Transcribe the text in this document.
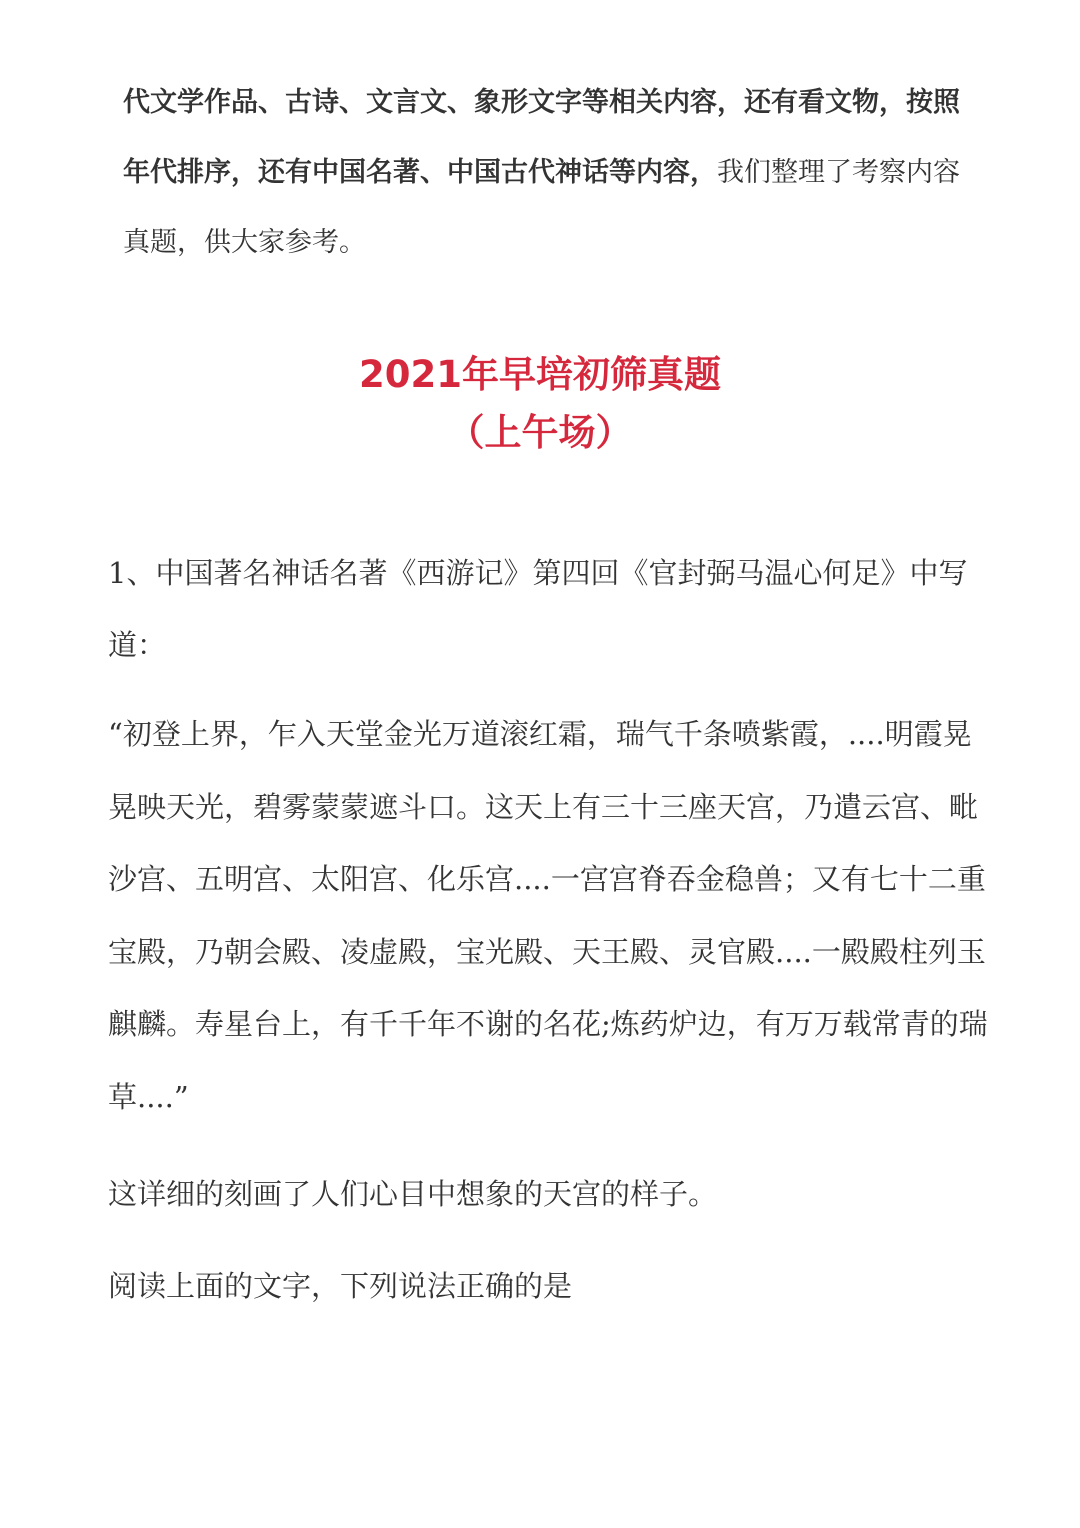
代文学作品、古诗、文言文、象形文字等相关内容，还有看文物，按照年代排序，还有中国名著、中国古代神话等内容，我们整理了考察内容真题，供大家参考。
2021年早培初筛真题
（上午场）
1、中国著名神话名著《西游记》第四回《官封弼马温心何足》中写道：
“初登上界，乍入天堂金光万道滚红霜，瑞气千条喷紫霞，....明霞晃晃映天光，碧雾蒙蒙遮斗口。这天上有三十三座天宫，乃遣云宫、毗沙宫、五明宫、太阳宫、化乐宫....一宫宫脊吞金稳兽；又有七十二重宝殿，乃朝会殿、凌虚殿，宝光殿、天王殿、灵官殿....一殿殿柱列玉麒麟。寿星台上，有千千年不谢的名花;炼药炉边，有万万载常青的瑞草....”
这详细的刻画了人们心目中想象的天宫的样子。
阅读上面的文字，下列说法正确的是
